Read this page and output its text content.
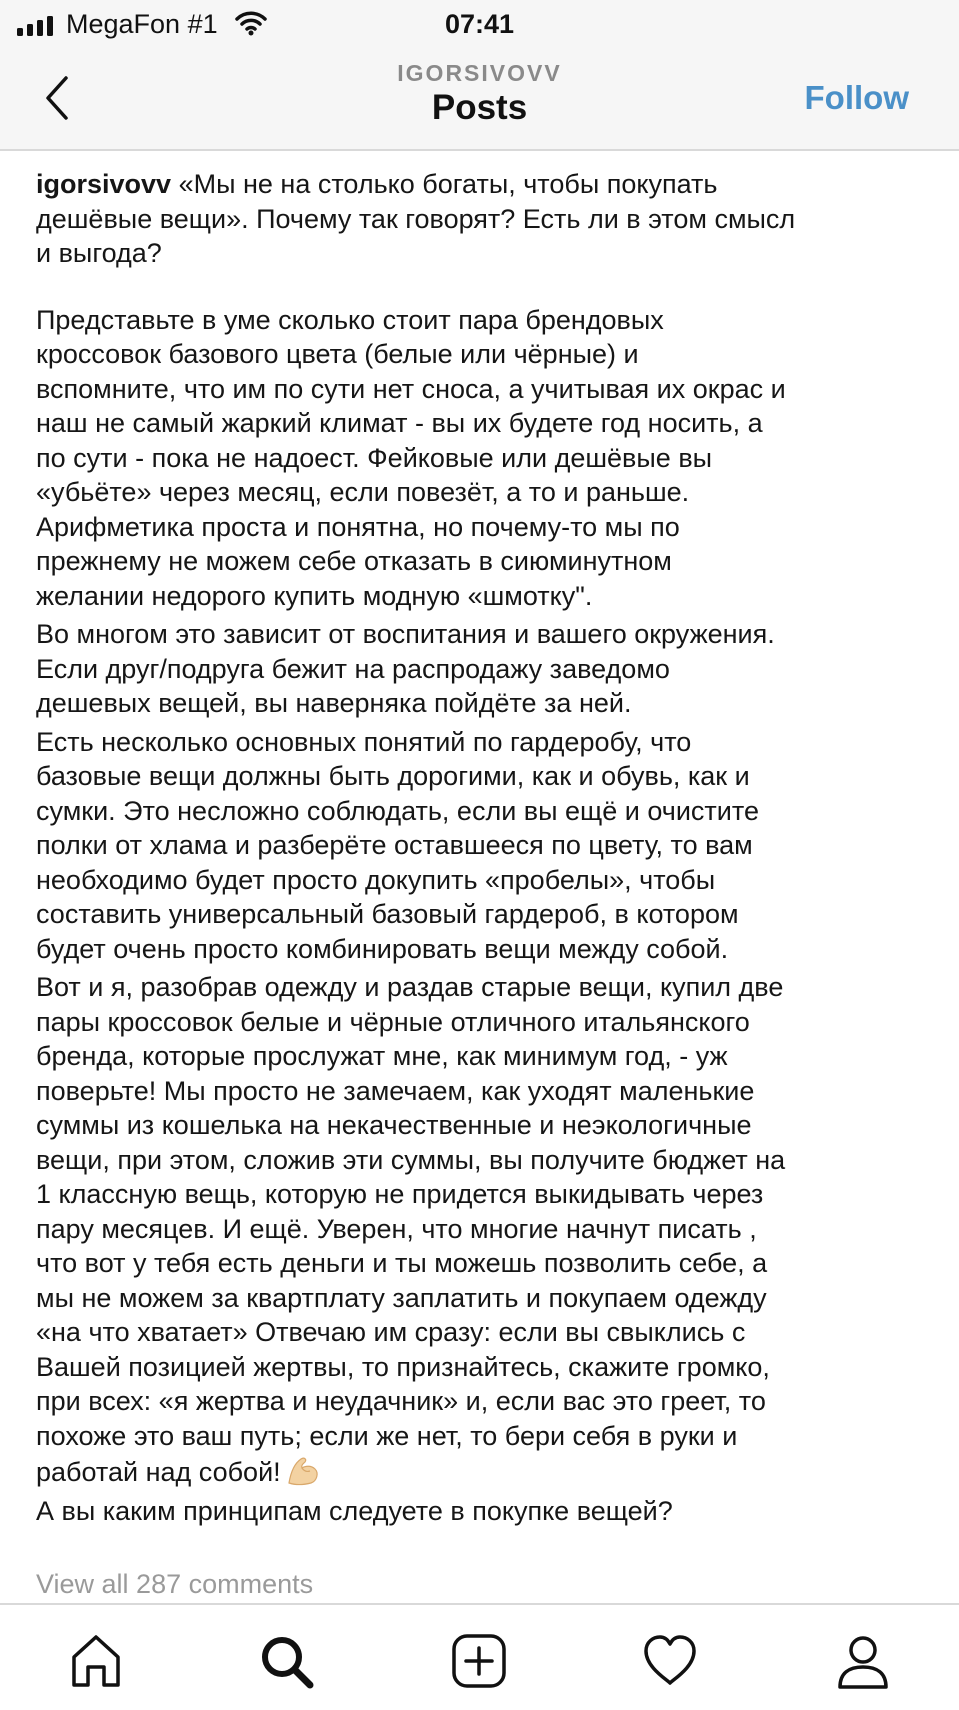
MegaFon #1	07:41
IGORSIVOVV
Posts	Follow

igorsivovv «Мы не на столько богаты, чтобы покупать

дешёвые вещи». Почему так говорят? Есть ли в этом смысл

и выгода?

Представьте в уме сколько стоит пара брендовых

кроссовок базового цвета (белые или чёрные) и

вспомните, что им по сути нет сноса, а учитывая их окрас и

наш не самый жаркий климат - вы их будете год носить, а

по сути - пока не надоест. Фейковые или дешёвые вы

«убьёте» через месяц, если повезёт, а то и раньше.

Арифметика проста и понятна, но почему-то мы по

прежнему не можем себе отказать в сиюминутном

желании недорого купить модную «шмотку".

Во многом это зависит от воспитания и вашего окружения.

Если друг/подруга бежит на распродажу заведомо

дешевых вещей, вы наверняка пойдёте за ней.

Есть несколько основных понятий по гардеробу, что

базовые вещи должны быть дорогими, как и обувь, как и

сумки. Это несложно соблюдать, если вы ещё и очистите

полки от хлама и разберёте оставшееся по цвету, то вам

необходимо будет просто докупить «пробелы», чтобы

составить универсальный базовый гардероб, в котором

будет очень просто комбинировать вещи между собой.

Вот и я, разобрав одежду и раздав старые вещи, купил две

пары кроссовок белые и чёрные отличного итальянского

бренда, которые прослужат мне, как минимум год, - уж

поверьте! Мы просто не замечаем, как уходят маленькие

суммы из кошелька на некачественные и неэкологичные

вещи, при этом, сложив эти суммы, вы получите бюджет на

1 классную вещь, которую не придется выкидывать через

пару месяцев. И ещё. Уверен, что многие начнут писать ,

что вот у тебя есть деньги и ты можешь позволить себе, а

мы не можем за квартплату заплатить и покупаем одежду

«на что хватает» Отвечаю им сразу: если вы свыклись с

Вашей позицией жертвы, то признайтесь, скажите громко,

при всех: «я жертва и неудачник» и, если вас это греет, то

похоже это ваш путь; если же нет, то бери себя в руки и

работай над собой!

А вы каким принципам следуете в покупке вещей?

View all 287 comments
